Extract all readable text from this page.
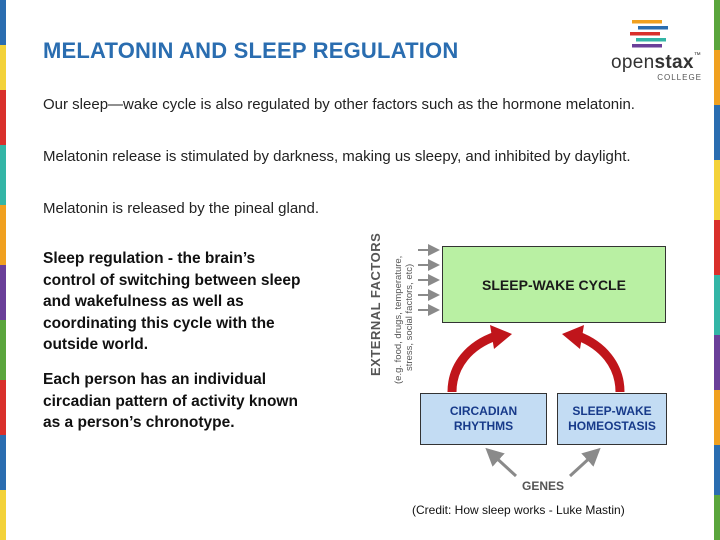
MELATONIN AND SLEEP REGULATION	openstax™
COLLEGE
Our sleep—wake cycle is also regulated by other factors such as the hormone melatonin.
Melatonin release is stimulated by darkness, making us sleepy, and inhibited by daylight.
Melatonin is released by the pineal gland.
Sleep regulation - the brain’s control of switching between sleep and wakefulness as well as coordinating this cycle with the outside world.
Each person has an individual circadian pattern of activity known as a person’s chronotype.
EXTERNAL FACTORS (e.g. food, drugs, temperature, stress, social factors, etc)	SLEEP-WAKE CYCLE
CIRCADIAN RHYTHMS
SLEEP-WAKE HOMEOSTASIS
GENES
(Credit: How sleep works - Luke Mastin)
